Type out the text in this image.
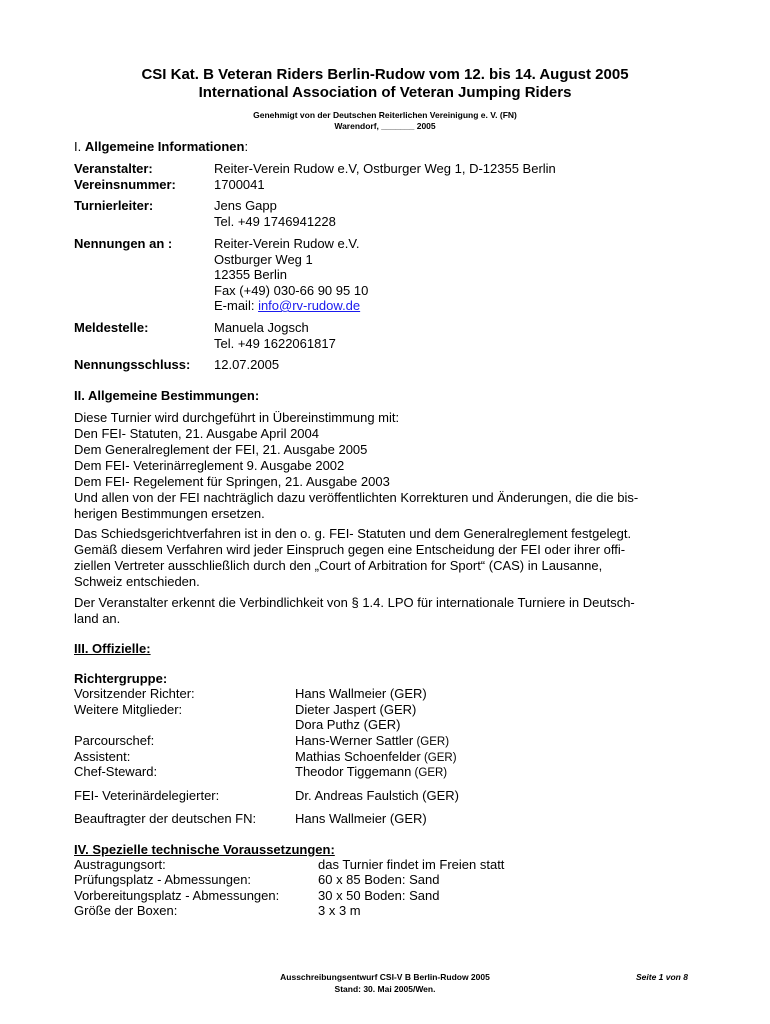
CSI Kat. B Veteran Riders Berlin-Rudow vom 12. bis 14. August 2005
International Association of Veteran Jumping Riders
Genehmigt von der Deutschen Reiterlichen Vereinigung e. V. (FN)
Warendorf, _______ 2005
I. Allgemeine Informationen:
Veranstalter:	Reiter-Verein Rudow e.V, Ostburger Weg 1, D-12355 Berlin
Vereinsnummer:	1700041
Turnierleiter:	Jens Gapp
Tel. +49 1746941228
Nennungen an :	Reiter-Verein Rudow e.V.
Ostburger Weg 1
12355 Berlin
Fax (+49) 030-66 90 95 10
E-mail: info@rv-rudow.de
Meldestelle:	Manuela Jogsch
Tel. +49 1622061817
Nennungsschluss: 12.07.2005
II. Allgemeine Bestimmungen:
Diese Turnier wird durchgeführt in Übereinstimmung mit:
Den FEI- Statuten, 21. Ausgabe April 2004
Dem Generalreglement der FEI, 21. Ausgabe 2005
Dem FEI- Veterinärreglement 9. Ausgabe 2002
Dem FEI- Regelement für Springen, 21. Ausgabe 2003
Und allen von der FEI nachträglich dazu veröffentlichten Korrekturen und Änderungen, die die bis-
herigen Bestimmungen ersetzen.
Das Schiedsgerichtverfahren ist in den o. g. FEI- Statuten und dem Generalreglement festgelegt.
Gemäß diesem Verfahren wird jeder Einspruch gegen eine Entscheidung der FEI oder ihrer offi-
ziellen Vertreter ausschließlich durch den „Court of Arbitration for Sport“ (CAS) in Lausanne,
Schweiz entschieden.
Der Veranstalter erkennt die Verbindlichkeit von § 1.4. LPO für internationale Turniere in Deutsch-
land an.
III. Offizielle:
Richtergruppe:
Vorsitzender Richter:	Hans Wallmeier (GER)
Weitere Mitglieder:	Dieter Jaspert (GER)
Dora Puthz (GER)
Parcourschef:	Hans-Werner Sattler (GER)
Assistent:	Mathias Schoenfelder (GER)
Chef-Steward:	Theodor Tiggemann (GER)
FEI- Veterinärdelegierter:	Dr. Andreas Faulstich (GER)
Beauftragter der deutschen FN:	Hans Wallmeier (GER)
IV. Spezielle technische Voraussetzungen:
Austragungsort:	das Turnier findet im Freien statt
Prüfungsplatz - Abmessungen:	60 x 85 Boden: Sand
Vorbereitungsplatz - Abmessungen:	30 x 50 Boden: Sand
Größe der Boxen:	3 x 3 m
Ausschreibungsentwurf CSI-V B Berlin-Rudow 2005
Stand: 30. Mai 2005/Wen.
Seite 1 von 8
